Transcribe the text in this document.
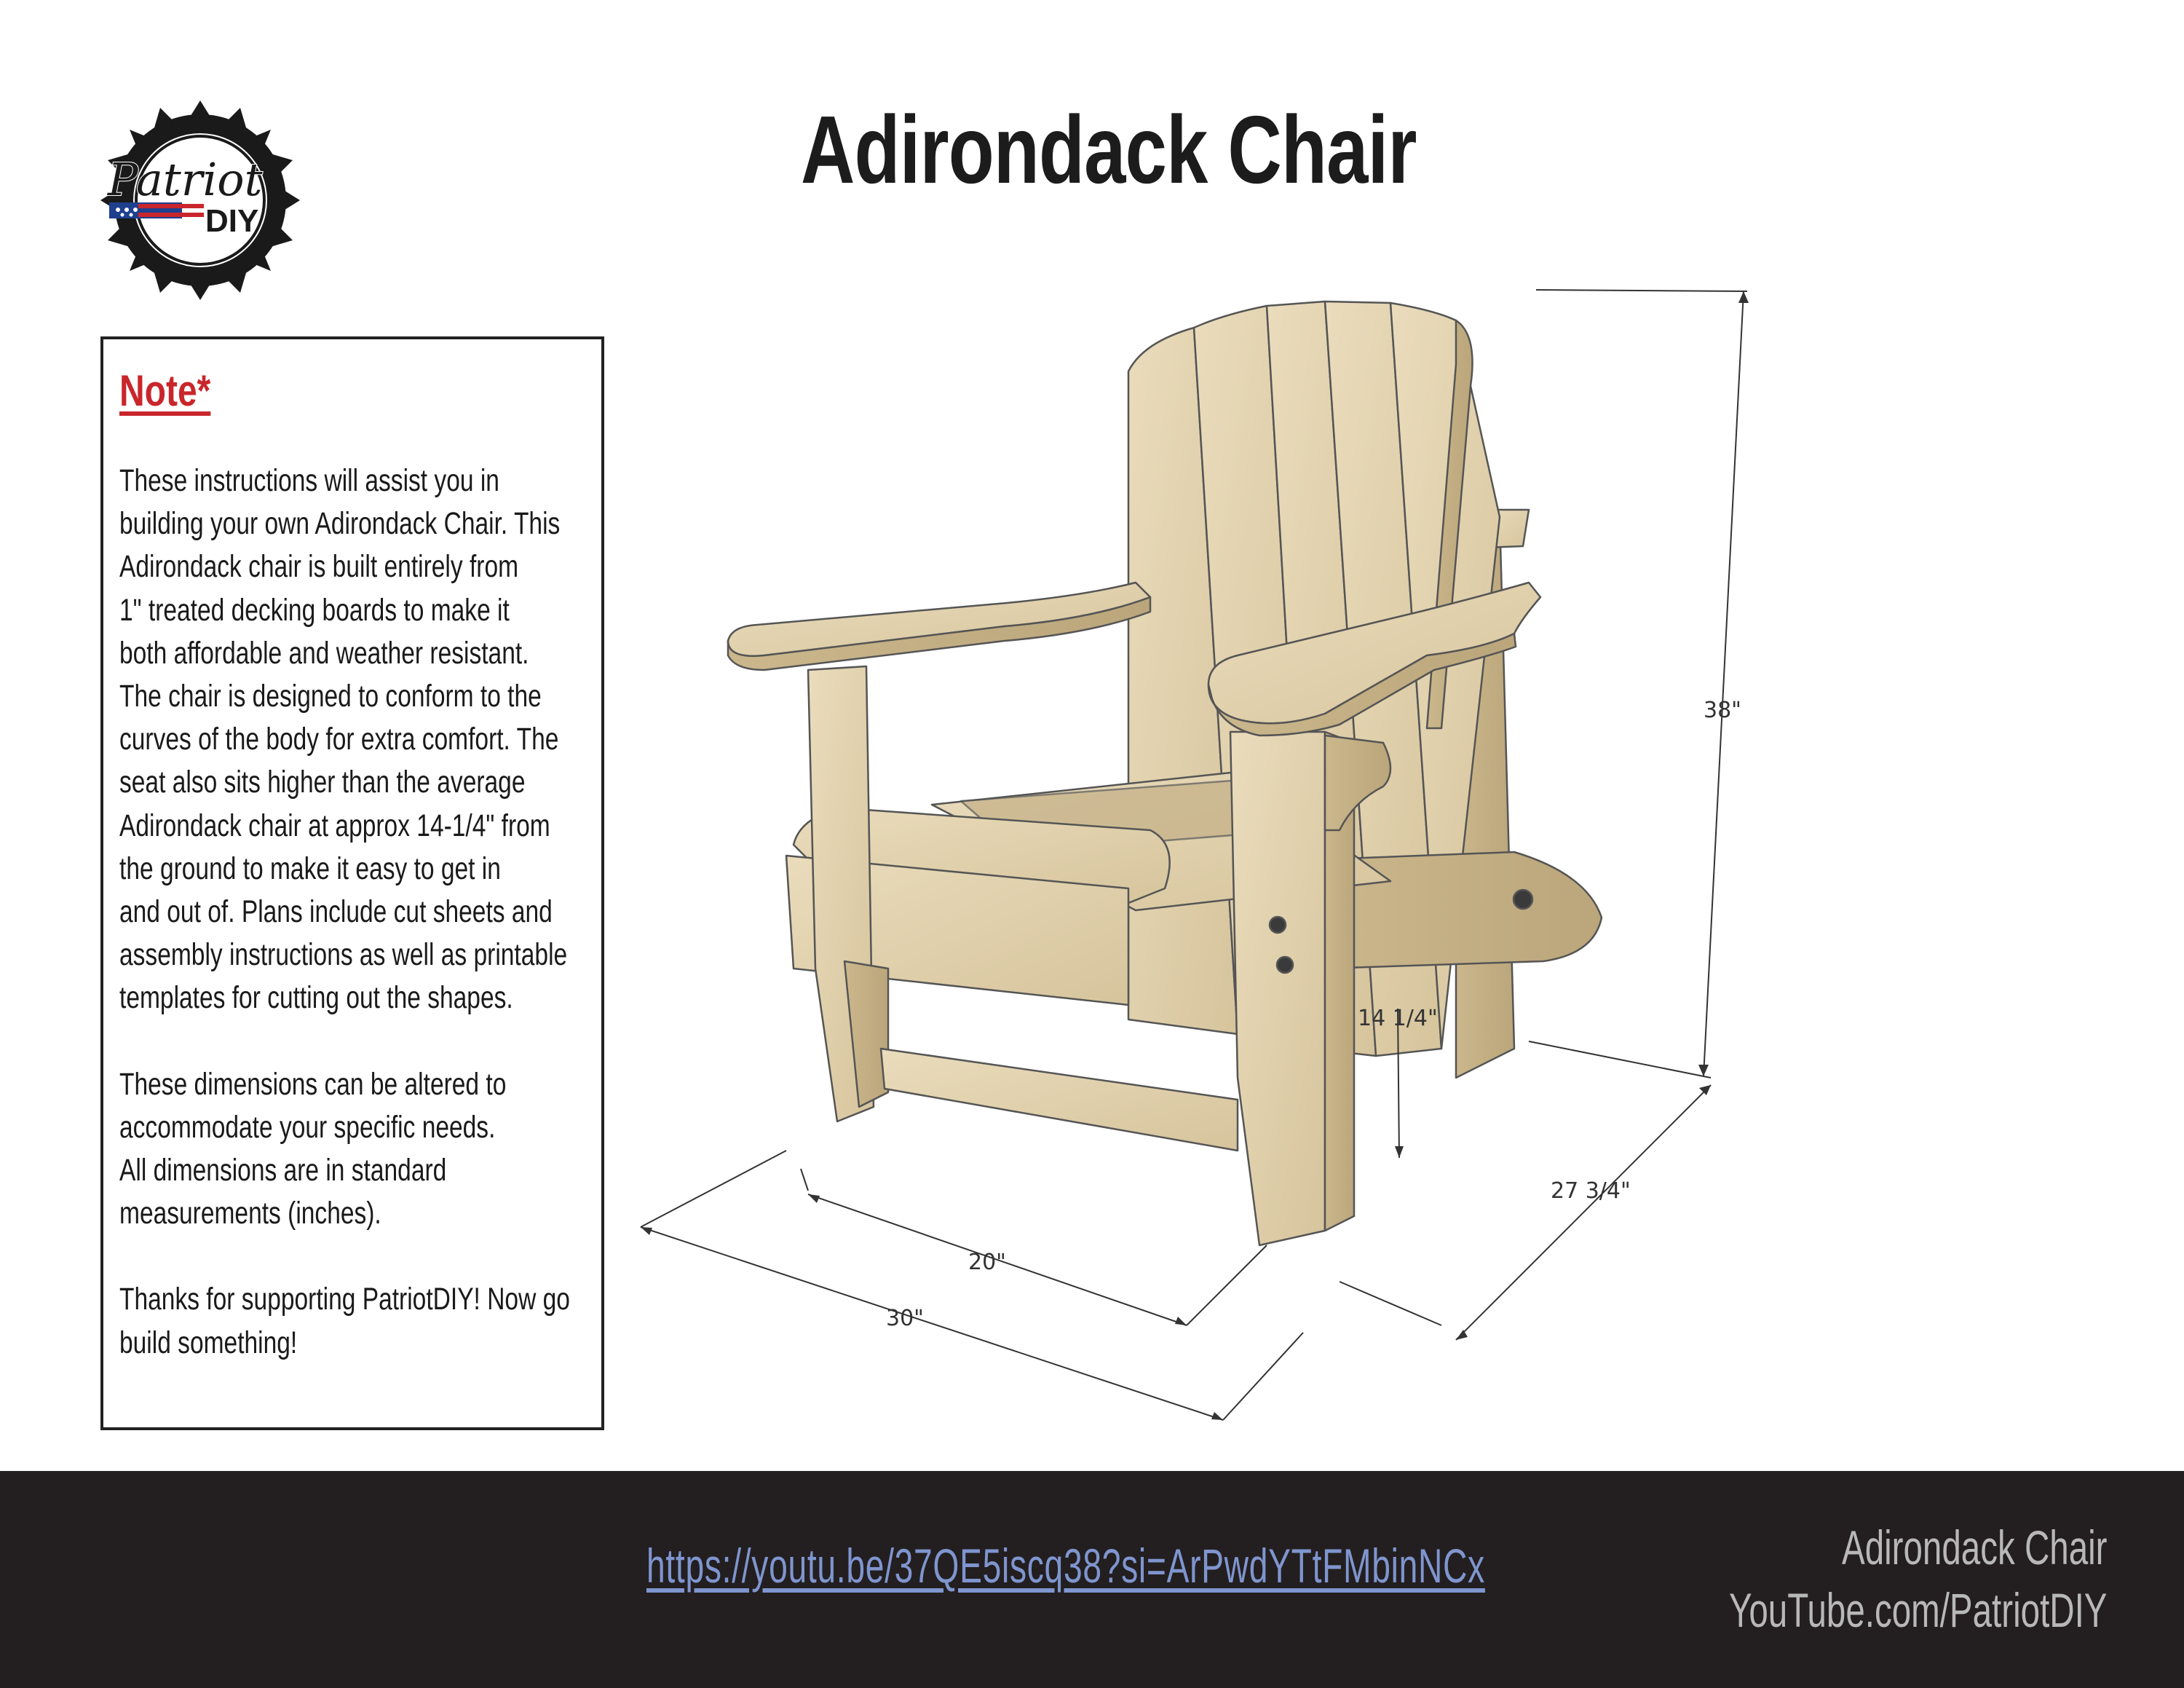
Patriot
DIY
Adirondack Chair
Note*

These instructions will assist you in
building your own Adirondack Chair. This
Adirondack chair is built entirely from
1" treated decking boards to make it
both affordable and weather resistant.
The chair is designed to conform to the
curves of the body for extra comfort. The
seat also sits higher than the average
Adirondack chair at approx 14-1/4" from
the ground to make it easy to get in
and out of. Plans include cut sheets and
assembly instructions as well as printable
templates for cutting out the shapes.

These dimensions can be altered to
accommodate your specific needs.
All dimensions are in standard
measurements (inches).

Thanks for supporting PatriotDIY! Now go
build something!

38"
14 1/4"
27 3/4"
20"
30"
https://youtu.be/37QE5iscq38?si=ArPwdYTtFMbinNCx	Adirondack Chair
YouTube.com/PatriotDIY
